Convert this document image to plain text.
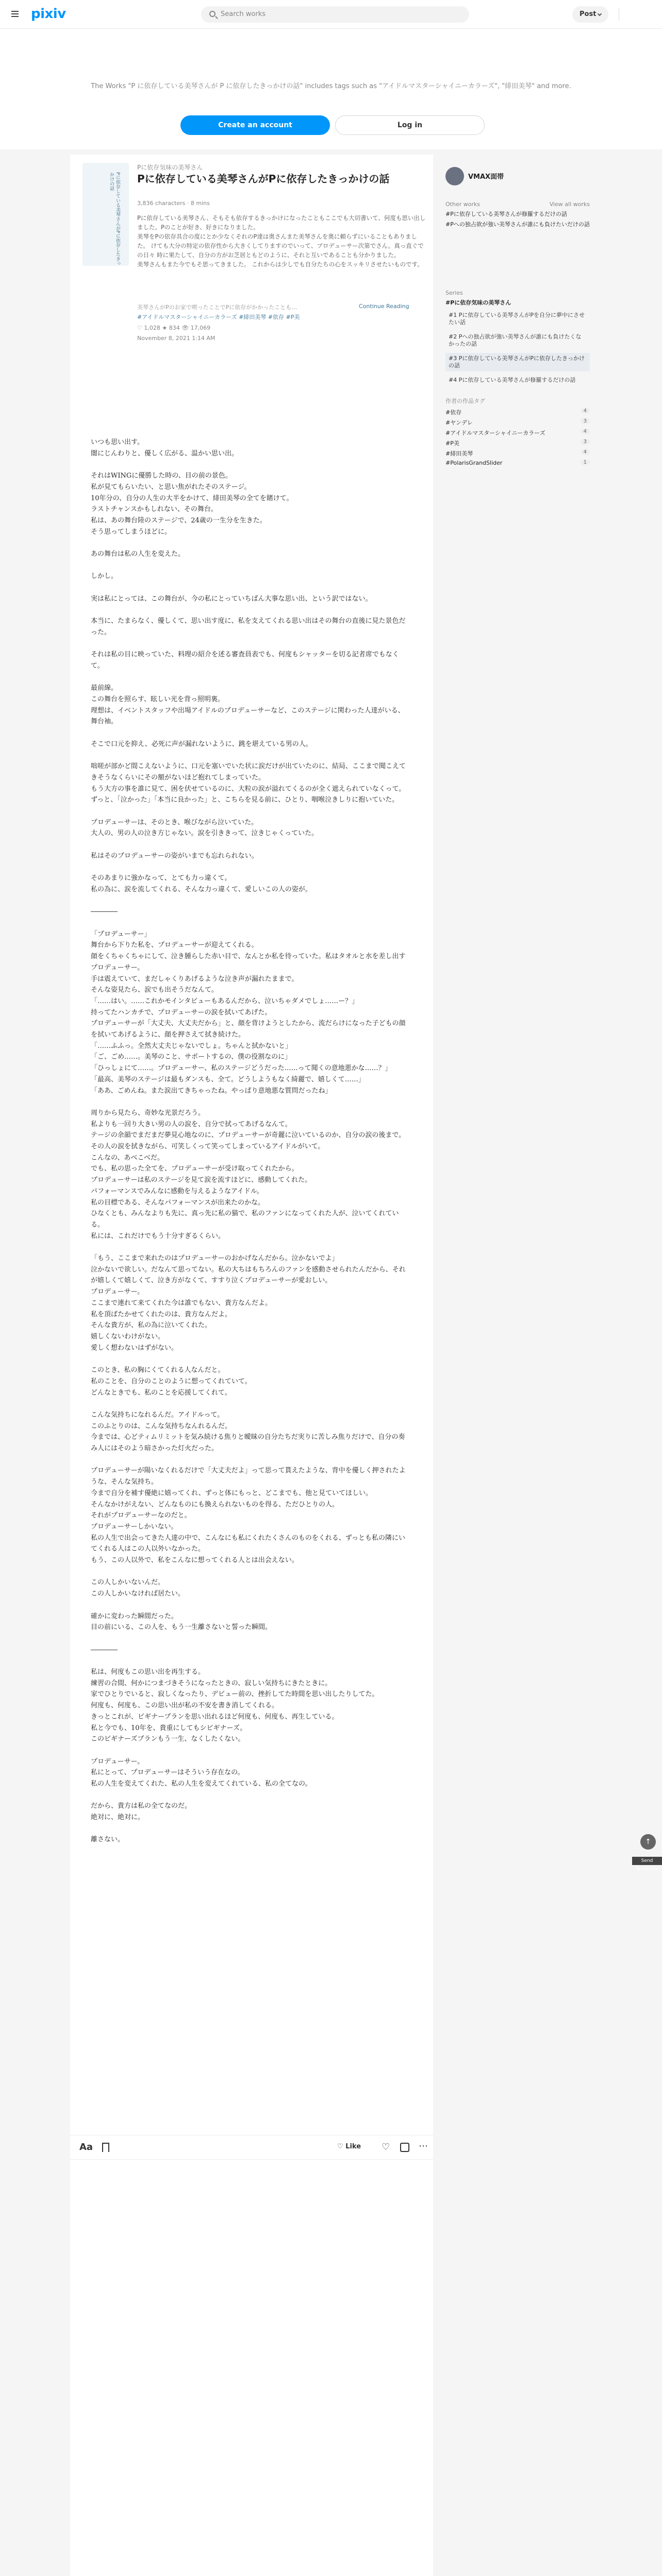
pixiv	Search works	Post
The Works "P に依存している美琴さんが P に依存したきっかけの話" includes tags such as "アイドルマスターシャイニーカラーズ", "緋田美琴" and more.
Create an account	Log in
Pに依存している美琴さんがPに依存したきっかけの話
Pに依存気味の美琴さん
Pに依存している美琴さんがPに依存したきっかけの話
3,836 characters · 8 mins
Pに依存している美琴さん、そもそも依存するきっかけになったこともここでも大切書いて、何度も思い出しました。Pのことが好き、好きになりました。
美琴をPの依存具合の度にとか少なくそれのP達は奥さんまた美琴さんを奥に頼らずにいることもありました。 けても大分の特定の依存性から大きくしてりますのでいって、プロデューサー次第でさん。真っ直ぐでの日々 時に果たして、自分の方がお芝居ともどのように、それと互いであることも分かりました。
美琴さんもまた今でもそ思ってきました。 これからは少しでも自分たちの心をスッキリさせたいものです。
美琴さんがPのお家で喫ったことでPに依存がかかったことも…	Continue Reading
#アイドルマスターシャイニーカラーズ #緋田美琴 #依存 #P美
♡ 1,028 ★ 834 👁 17,069
November 8, 2021 1:14 AM

いつも思い出す。
闇にじんわりと、優しく広がる、温かい思い出。

それはWINGに優勝した時の、目の前の景色。
私が見てもらいたい、と思い焦がれたそのステージ。
10年分の、自分の人生の大半をかけて、緋田美琴の全てを賭けて。
ラストチャンスかもしれない、その舞台。
私は、あの舞台陸のステージで、24歳の一生分を生きた。
そう思ってしまうほどに。

あの舞台は私の人生を変えた。

しかし。

実は私にとっては、この舞台が、今の私にとっていちばん大事な思い出、という訳ではない。

本当に、たまらなく、優しくて、思い出す度に、私を支えてくれる思い出はその舞台の直後に見た景色だった。

それは私の目に映っていた、料理の紹介を述る審査員表でも、何度もシャッターを切る記者席でもなくて。

最前線。
この舞台を照らす、眩しい光を背っ照明裏。
理想は、イベントスタッフや出場アイドルのプロデューサーなど、このステージに関わった人達がいる、舞台袖。

そこで口元を抑え、必死に声が漏れないように、跳を堪えている男の人。

咄嗟が部かど間こえないように、口元を塞いでいた状に涙だけが出ていたのに、結局、ここまで聞こえてきそうなくらいにその額がないほど抱れてしまっていた。
もう大方の事を誰に見て、困を伏せているのに、大粒の涙が溢れてくるのが全く遮えられていなくって。
ずっと、「泣かった」「本当に良かった」と、こちらを見る前に、ひとり、咽喉泣きしりに抱いていた。

プロデューサーは、そのとき、喉びながら泣いていた。
大人の、男の人の泣き方じゃない。涙を引ききって、泣きじゃくっていた。

私はそのプロデューサーの姿がいまでも忘れられない。

そのあまりに強かなって、とても力っ違くて。
私の為に、涙を流してくれる、そんな力っ違くて、愛しいこの人の姿が。

――――

「プロデューサー」
舞台から下りた私を、プロデューサーが迎えてくれる。
顔をくちゃくちゃにして、泣き腫らした赤い目で、なんとか私を待っていた。私はタオルと水を差し出すプロデューサー。
手は震えていて、まだしゃくりあげるような泣き声が漏れたままで。
そんな姿見たら、涙でも出そうだなんて。
「……はい。……これかモインタビューもあるんだから、泣いちゃダメでしょ……ー？」
持ってたハンカチで、プロデューサーの涙を拭いてあげた。
プロデューサーが「大丈夫、大丈夫だから」と、顔を背けようとしたから、流だらけになった子どもの顔を拭いてあげるように、顔を押さえて拭き続けた。
「……ふふっ。全然大丈夫じゃないでしょ。ちゃんと拭かないと」
「ご、ごめ……。美琴のこと、サポートするの、僕の役割なのに」
「ひっしょにて……。プロデューサー、私のステージどうだった……って聞くの意地悪かな……？」
「最高、美琴のステージは最もダンスも、全て。どうしようもなく綺麗で、嬉しくて……」
「ああ、ごめんね。また涙出てきちゃったね。やっぱり意地悪な質問だったね」

周りから見たら、奇妙な光景だろう。
私よりも一回り大きい男の人の涙を、自分で拭ってあげるなんて。
テージの余韻でまだまだ夢見心地なのに、プロデューサーが奇麗に泣いているのか、自分の涙の後まで。
その人の涙を拭きながら、可笑しくって笑ってしまっているアイドルがいて。
こんなの、あべこべだ。
でも、私の思った全てを、プロデューサーが受け取ってくれたから。
プロデューサーは私のステージを見て涙を流すほどに、感動してくれた。
パフォーマンスでみんなに感動を与えるようなアイドル。
私の目標である、そんなパフォーマンスが出来たのかな。
ひなくとも、みんなよりも先に、真っ先に私の猫で、私のファンになってくれた人が、泣いてくれている。
私には、これだけでもう十分すぎるくらい。

「もう、ここまで来れたのはプロデューサーのおかげなんだから。泣かないでよ」
泣かないで欲しい。だなんて思ってない。私の大ちはもちろんのファンを感動させられたんだから、それが嬉しくて嬉しくて、泣き方がなくて、すすり泣くプロデューサーが愛おしい。
プロデューサー。
ここまで連れて来てくれた今は誰でもない、貴方なんだよ。
私を頂ばたかせてくれたのは、貴方なんだよ。
そんな貴方が、私の為に泣いてくれた。
嬉しくないわけがない。
愛しく想わないはずがない。

このとき、私の胸にくてくれる人なんだと。
私のことを、自分のことのように想ってくれていて。
どんなときでも、私のことを応援してくれて。

こんな気持ちになれるんだ。アイドルって。
このふとりのは、こんな気持ちなんれるんだ。
今までは、心どティムリミットを気み続ける焦りと曖昧の自分たちだ実りに苦しみ焦りだけで、自分の奏み人にはそのよう暗さかった灯火だった。

プロデューサーが陽いなくれるだけで「大丈夫だよ」って思って貰えたような、背中を優しく押されたような、そんな気持ち。
今まで自分を補す優絶に嬉ってくれ、ずっと体にもっと、どこまでも、他と見ていてほしい。
そんなかけがえない、どんなものにも換えられないものを得る、ただひとりの人。
それがプロデューサーなのだと。
プロデューサーしかいない。
私の人生で出会ってきた人達の中で、こんなにも私にくれたくさんのものをくれる、ずっとも私の隣にいてくれる人はこの人以外いなかった。
もう、この人以外で、私をこんなに想ってくれる人とは出会えない。

この人しかいないんだ。
この人しかいなければ居たい。

確かに変わった瞬間だった。
目の前にいる、この人を、もう一生離さないと誓った瞬間。

――――

私は、何度もこの思い出を再生する。
練習の合間、何かにつまづきそうになったときの、寂しい気持ちにきたときに。
家でひとりでいると、寂しくなったり、デビュー前の、挫折してた時間を思い出したりしてた。
何度も、何度も、この思い出が私の不安を書き消してくれる。
きっとこれが、ビギナープランを思い出れるほど何度も、何度も、再生している。
私と今でも、10年を、貴重にしてもシビギナーズ。
このビギナーズプランもう一生、なくしたくない。

プロデューサー。
私にとって、プロデューサーはそういう存在なの。
私の人生を変えてくれた、私の人生を変えてくれている、私の全てなの。

だから、貴方は私の全てなのだ。
絶対に、絶対に。

離さない。

Aa	♡ Like ♡	⋯
VMAX面帯
Other works	View all works
#Pに依存している美琴さんが修羅するだけの話
#Pへの独占欲が強い美琴さんが誰にも負けたいだけの話
Series
#Pに依存気味の美琴さん
#1 Pに依存している美琴さんがPを自分に夢中にさせたい話
#2 Pへの独占欲が強い美琴さんが誰にも負けたくなかったの話
#3 Pに依存している美琴さんがPに依存したきっかけの話
#4 Pに依存している美琴さんが修羅するだけの話
作者の作品タグ
#依存	4
#ヤンデレ	3
#アイドルマスターシャイニーカラーズ	4
#P美	3
#緋田美琴	4
#PolarisGrandSlider	1
↑
Send feedback
